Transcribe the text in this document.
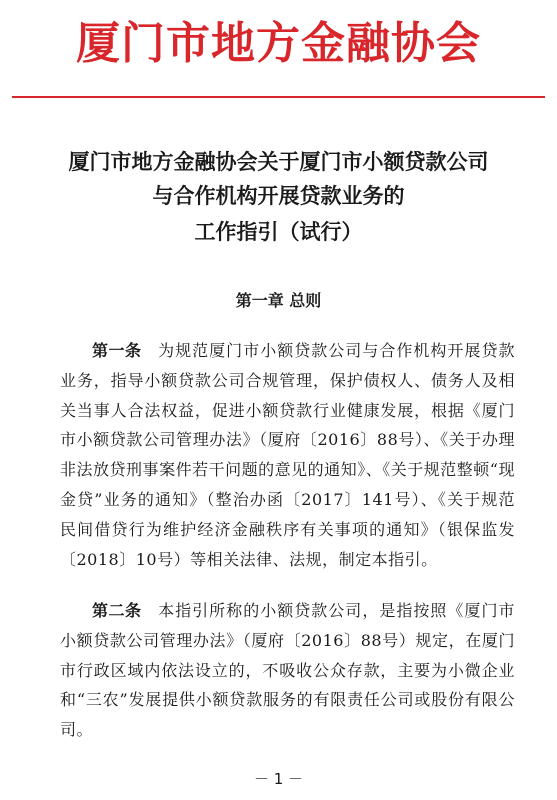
厦门市地方金融协会
厦门市地方金融协会关于厦门市小额贷款公司
与合作机构开展贷款业务的
工作指引（试行）
第一章 总则
第一条　 为规范厦门市小额贷款公司与合作机构开展贷款业务，指导小额贷款公司合规管理，保护债权人、债务人及相关当事人合法权益，促进小额贷款行业健康发展，根据《厦门市小额贷款公司管理办法》（厦府〔2016〕88号）、《关于办理非法放贷刑事案件若干问题的意见的通知》、《关于规范整顿“现金贷”业务的通知》（整治办函〔2017〕141号）、《关于规范民间借贷行为维护经济金融秩序有关事项的通知》（银保监发〔2018〕10号）等相关法律、法规，制定本指引。
第二条　 本指引所称的小额贷款公司，是指按照《厦门市小额贷款公司管理办法》（厦府〔2016〕88号）规定，在厦门市行政区域内依法设立的，不吸收公众存款，主要为小微企业和“三农”发展提供小额贷款服务的有限责任公司或股份有限公司。
－ 1 －
